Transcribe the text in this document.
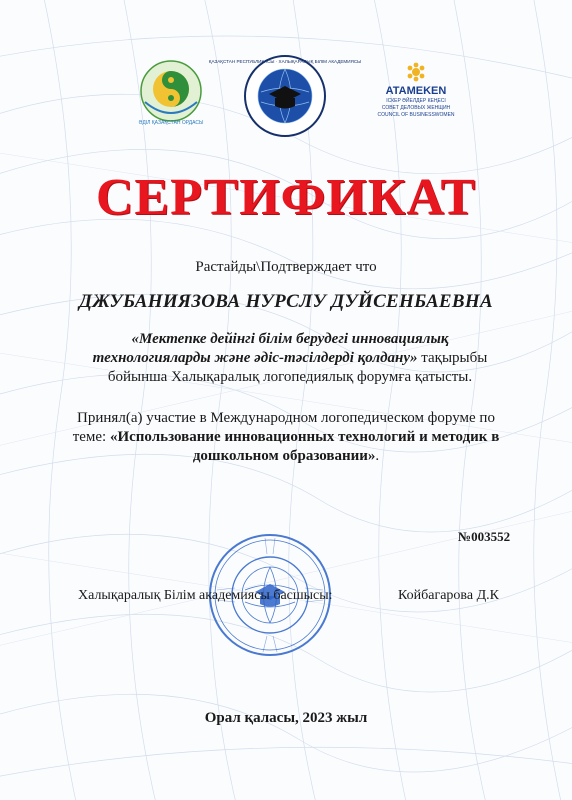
ӘДІЛ ҚАЗАҚСТАН ОРДАСЫ
ҚАЗАҚСТАН РЕСПУБЛИКАСЫ · ХАЛЫҚАРАЛЫҚ БІЛІМ АКАДЕМИЯСЫ
ATAMEKEN
ІСКЕР ӘЙЕЛДЕР КЕҢЕСІ
СОВЕТ ДЕЛОВЫХ ЖЕНЩИН
COUNCIL OF BUSINESSWOMEN
СЕРТИФИКАТ
Растайды\Подтверждает что
ДЖУБАНИЯЗОВА НУРСЛУ ДУЙСЕНБАЕВНА
«Мектепке дейінгі білім берудегі инновациялық технологияларды және әдіс-тәсілдерді қолдану» тақырыбы бойынша Халықаралық логопедиялық форумға қатысты.
Принял(а) участие в Международном логопедическом форуме по теме: «Использование инновационных технологий и методик в дошкольном образовании».
№003552
Халықаралық Білім академиясы басшысы:	Койбагарова Д.К
Орал қаласы, 2023 жыл
